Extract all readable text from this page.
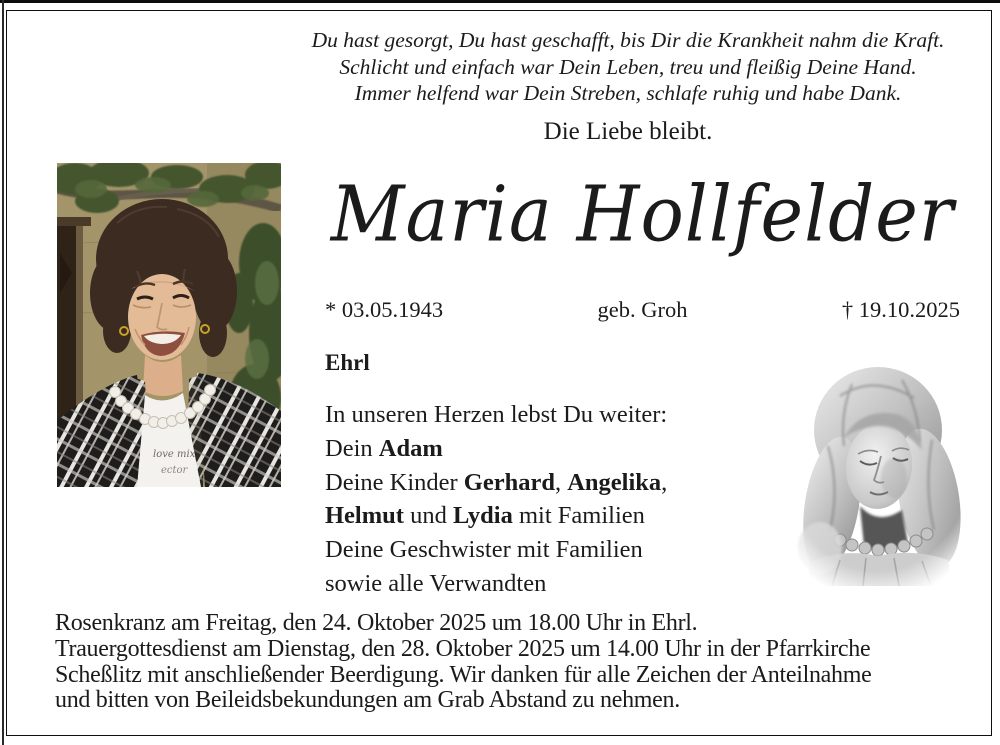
Du hast gesorgt, Du hast geschafft, bis Dir die Krankheit nahm die Kraft.
Schlicht und einfach war Dein Leben, treu und fleißig Deine Hand.
Immer helfend war Dein Streben, schlafe ruhig und habe Dank.
Die Liebe bleibt.
love mix
ector
Maria Hollfelder
* 03.05.1943	geb. Groh	† 19.10.2025
Ehrl
In unseren Herzen lebst Du weiter:
Dein Adam
Deine Kinder Gerhard, Angelika,
Helmut und Lydia mit Familien
Deine Geschwister mit Familien
sowie alle Verwandten
Rosenkranz am Freitag, den 24. Oktober 2025 um 18.00 Uhr in Ehrl.
Trauergottesdienst am Dienstag, den 28. Oktober 2025 um 14.00 Uhr in der Pfarrkirche
Scheßlitz mit anschließender Beerdigung. Wir danken für alle Zeichen der Anteilnahme
und bitten von Beileidsbekundungen am Grab Abstand zu nehmen.
